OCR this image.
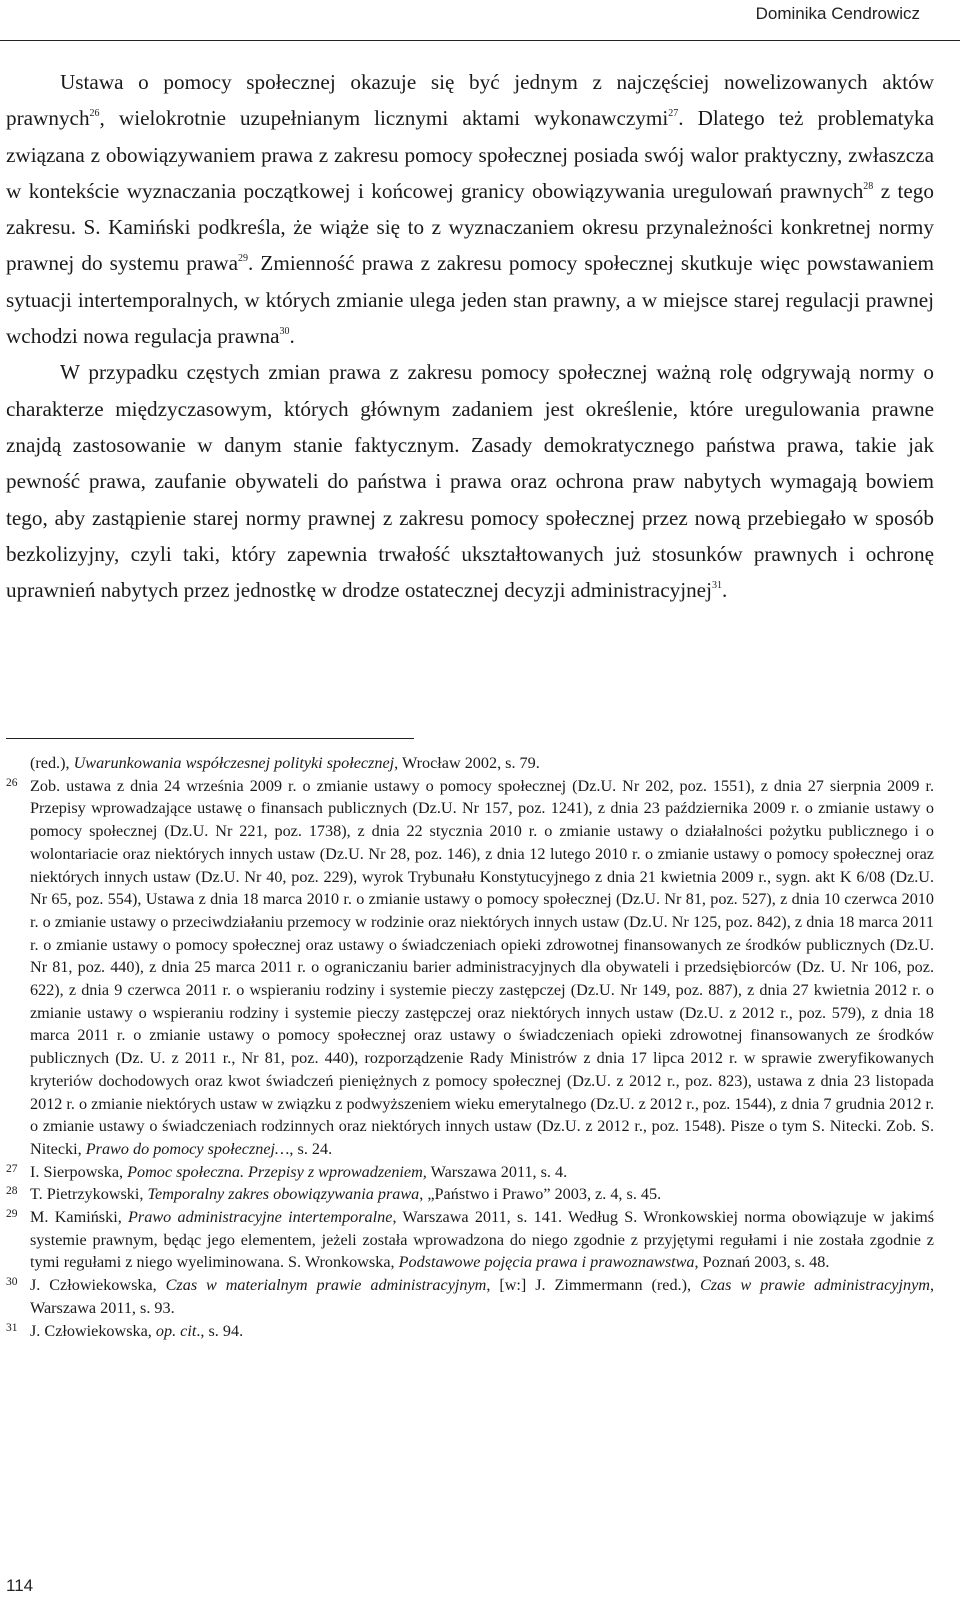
Dominika Cendrowicz

Ustawa o pomocy społecznej okazuje się być jednym z najczęściej nowelizowanych aktów prawnych$^{26}$, wielokrotnie uzupełnianym licznymi aktami wykonawczymi$^{27}$. Dlatego też problematyka związana z obowiązywaniem prawa z zakresu pomocy społecznej posiada swój walor praktyczny, zwłaszcza w kontekście wyznaczania początkowej i końcowej granicy obowiązywania uregulowań prawnych$^{28}$ z tego zakresu. S. Kamiński podkreśla, że wiąże się to z wyznaczaniem okresu przynależności konkretnej normy prawnej do systemu prawa$^{29}$. Zmienność prawa z zakresu pomocy społecznej skutkuje więc powstawaniem sytuacji intertemporalnych, w których zmianie ulega jeden stan prawny, a w miejsce starej regulacji prawnej wchodzi nowa regulacja prawna$^{30}$.

W przypadku częstych zmian prawa z zakresu pomocy społecznej ważną rolę odgrywają normy o charakterze międzyczasowym, których głównym zadaniem jest określenie, które uregulowania prawne znajdą zastosowanie w danym stanie faktycznym. Zasady demokratycznego państwa prawa, takie jak pewność prawa, zaufanie obywateli do państwa i prawa oraz ochrona praw nabytych wymagają bowiem tego, aby zastąpienie starej normy prawnej z zakresu pomocy społecznej przez nową przebiegało w sposób bezkolizyjny, czyli taki, który zapewnia trwałość ukształtowanych już stosunków prawnych i ochronę uprawnień nabytych przez jednostkę w drodze ostatecznej decyzji administracyjnej$^{31}$.

(red.), Uwarunkowania współczesnej polityki społecznej, Wrocław 2002, s. 79.
26 Zob. ustawa z dnia 24 września 2009 r. o zmianie ustawy o pomocy społecznej (Dz.U. Nr 202, poz. 1551), z dnia 27 sierpnia 2009 r. Przepisy wprowadzające ustawę o finansach publicznych (Dz.U. Nr 157, poz. 1241), z dnia 23 października 2009 r. o zmianie ustawy o pomocy społecznej (Dz.U. Nr 221, poz. 1738), z dnia 22 stycznia 2010 r. o zmianie ustawy o działalności pożytku publicznego i o wolontariacie oraz niektórych innych ustaw (Dz.U. Nr 28, poz. 146), z dnia 12 lutego 2010 r. o zmianie ustawy o pomocy społecznej oraz niektórych innych ustaw (Dz.U. Nr 40, poz. 229), wyrok Trybunału Konstytucyjnego z dnia 21 kwietnia 2009 r., sygn. akt K 6/08 (Dz.U. Nr 65, poz. 554), Ustawa z dnia 18 marca 2010 r. o zmianie ustawy o pomocy społecznej (Dz.U. Nr 81, poz. 527), z dnia 10 czerwca 2010 r. o zmianie ustawy o przeciwdziałaniu przemocy w rodzinie oraz niektórych innych ustaw (Dz.U. Nr 125, poz. 842), z dnia 18 marca 2011 r. o zmianie ustawy o pomocy społecznej oraz ustawy o świadczeniach opieki zdrowotnej finansowanych ze środków publicznych (Dz.U. Nr 81, poz. 440), z dnia 25 marca 2011 r. o ograniczaniu barier administracyjnych dla obywateli i przedsiębiorców (Dz. U. Nr 106, poz. 622), z dnia 9 czerwca 2011 r. o wspieraniu rodziny i systemie pieczy zastępczej (Dz.U. Nr 149, poz. 887), z dnia 27 kwietnia 2012 r. o zmianie ustawy o wspieraniu rodziny i systemie pieczy zastępczej oraz niektórych innych ustaw (Dz.U. z 2012 r., poz. 579), z dnia 18 marca 2011 r. o zmianie ustawy o pomocy społecznej oraz ustawy o świadczeniach opieki zdrowotnej finansowanych ze środków publicznych (Dz. U. z 2011 r., Nr 81, poz. 440), rozporządzenie Rady Ministrów z dnia 17 lipca 2012 r. w sprawie zweryfikowanych kryteriów dochodowych oraz kwot świadczeń pieniężnych z pomocy społecznej (Dz.U. z 2012 r., poz. 823), ustawa z dnia 23 listopada 2012 r. o zmianie niektórych ustaw w związku z podwyższeniem wieku emerytalnego (Dz.U. z 2012 r., poz. 1544), z dnia 7 grudnia 2012 r. o zmianie ustawy o świadczeniach rodzinnych oraz niektórych innych ustaw (Dz.U. z 2012 r., poz. 1548). Pisze o tym S. Nitecki. Zob. S. Nitecki, Prawo do pomocy społecznej…, s. 24.
27 I. Sierpowska, Pomoc społeczna. Przepisy z wprowadzeniem, Warszawa 2011, s. 4.
28 T. Pietrzykowski, Temporalny zakres obowiązywania prawa, „Państwo i Prawo” 2003, z. 4, s. 45.
29 M. Kamiński, Prawo administracyjne intertemporalne, Warszawa 2011, s. 141. Według S. Wronkowskiej norma obowiązuje w jakimś systemie prawnym, będąc jego elementem, jeżeli została wprowadzona do niego zgodnie z przyjętymi regułami i nie została zgodnie z tymi regułami z niego wyeliminowana. S. Wronkowska, Podstawowe pojęcia prawa i prawoznawstwa, Poznań 2003, s. 48.
30 J. Człowiekowska, Czas w materialnym prawie administracyjnym, [w:] J. Zimmermann (red.), Czas w prawie administracyjnym, Warszawa 2011, s. 93.
31 J. Człowiekowska, op. cit., s. 94.
114
